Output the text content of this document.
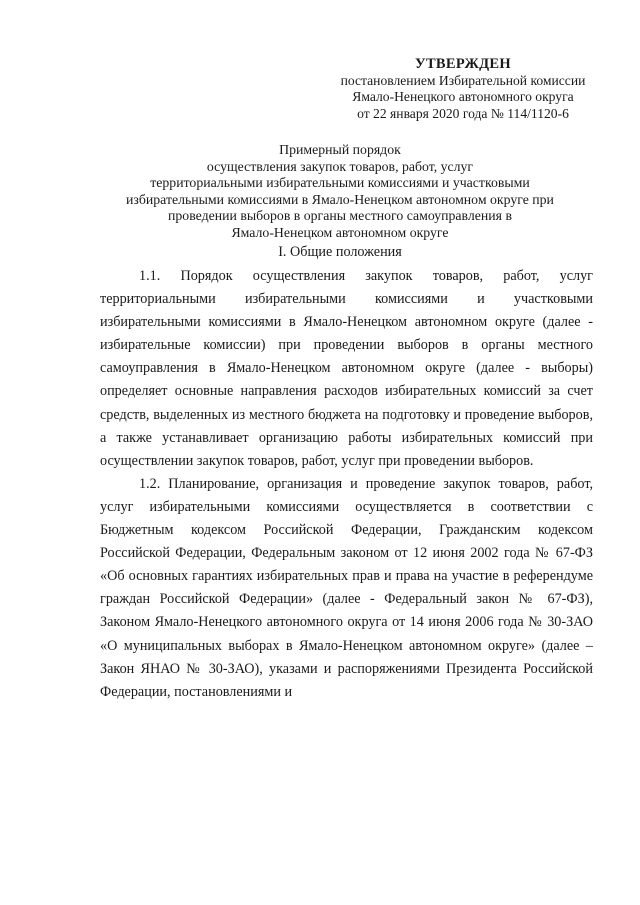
УТВЕРЖДЕН
постановлением Избирательной комиссии
Ямало-Ненецкого автономного округа
от 22 января 2020 года № 114/1120-6
Примерный порядок
осуществления закупок товаров, работ, услуг
территориальными избирательными комиссиями и участковыми
избирательными комиссиями в Ямало-Ненецком автономном округе при
проведении выборов в органы местного самоуправления в
Ямало-Ненецком автономном округе
I. Общие положения

1.1. Порядок осуществления закупок товаров, работ, услуг территориальными избирательными комиссиями и участковыми избирательными комиссиями в Ямало-Ненецком автономном округе (далее - избирательные комиссии) при проведении выборов в органы местного самоуправления в Ямало-Ненецком автономном округе (далее - выборы) определяет основные направления расходов избирательных комиссий за счет средств, выделенных из местного бюджета на подготовку и проведение выборов, а также устанавливает организацию работы избирательных комиссий при осуществлении закупок товаров, работ, услуг при проведении выборов.

1.2. Планирование, организация и проведение закупок товаров, работ, услуг избирательными комиссиями осуществляется в соответствии с Бюджетным кодексом Российской Федерации, Гражданским кодексом Российской Федерации, Федеральным законом от 12 июня 2002 года № 67-ФЗ «Об основных гарантиях избирательных прав и права на участие в референдуме граждан Российской Федерации» (далее - Федеральный закон № 67-ФЗ), Законом Ямало-Ненецкого автономного округа от 14 июня 2006 года № 30-ЗАО «О муниципальных выборах в Ямало-Ненецком автономном округе» (далее – Закон ЯНАО № 30-ЗАО), указами и распоряжениями Президента Российской Федерации, постановлениями и
